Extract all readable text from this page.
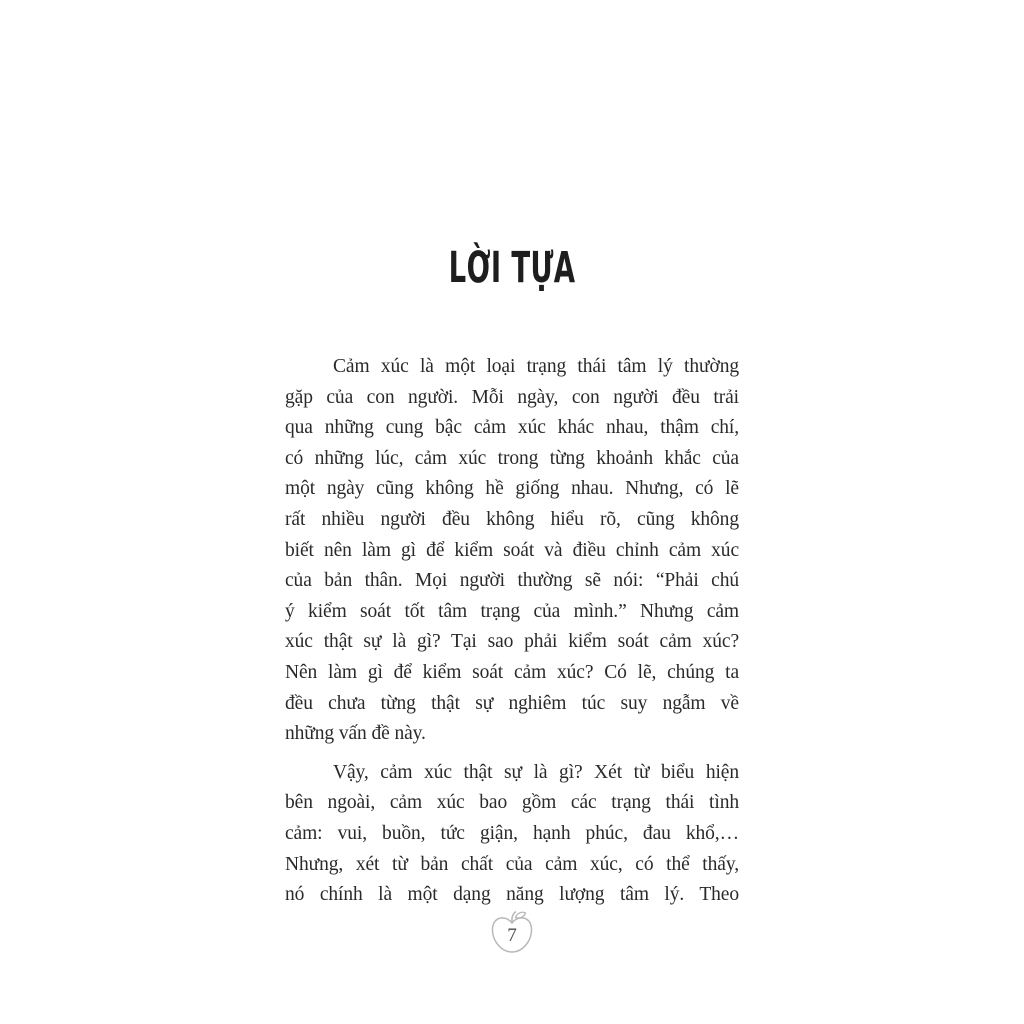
LỜI TỰA
Cảm xúc là một loại trạng thái tâm lý thường
gặp của con người. Mỗi ngày, con người đều trải
qua những cung bậc cảm xúc khác nhau, thậm chí,
có những lúc, cảm xúc trong từng khoảnh khắc của
một ngày cũng không hề giống nhau. Nhưng, có lẽ
rất nhiều người đều không hiểu rõ, cũng không
biết nên làm gì để kiểm soát và điều chỉnh cảm xúc
của bản thân. Mọi người thường sẽ nói: “Phải chú
ý kiểm soát tốt tâm trạng của mình.” Nhưng cảm
xúc thật sự là gì? Tại sao phải kiểm soát cảm xúc?
Nên làm gì để kiểm soát cảm xúc? Có lẽ, chúng ta
đều chưa từng thật sự nghiêm túc suy ngẫm về
những vấn đề này.
Vậy, cảm xúc thật sự là gì? Xét từ biểu hiện
bên ngoài, cảm xúc bao gồm các trạng thái tình
cảm: vui, buồn, tức giận, hạnh phúc, đau khổ,…
Nhưng, xét từ bản chất của cảm xúc, có thể thấy,
nó chính là một dạng năng lượng tâm lý. Theo
7
